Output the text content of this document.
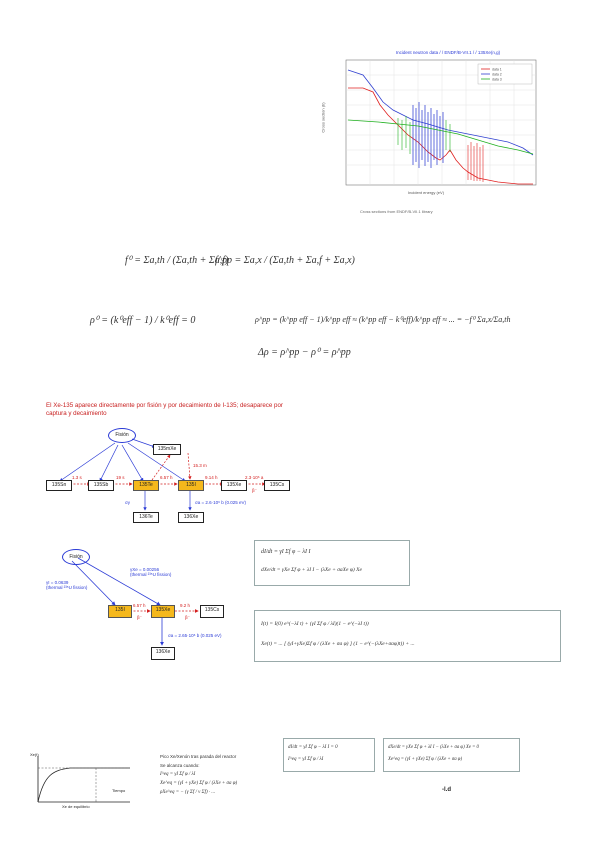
Incident neutron data / / ENDF/B-VII.1 / / 135Xe(n,g)
data 1
data 2
data 3
Cross section (b)
Incident energy (eV)
Cross sections from ENDF/B-VII.1 library
f⁰ = Σa,th / (Σa,th + Σa,f)
f^pp = Σa,x / (Σa,th + Σa,f + Σa,x)
ρ⁰ = (k⁰eff − 1) / k⁰eff = 0	ρ^pp = (k^pp eff − 1)/k^pp eff ≈ (k^pp eff − k⁰eff)/k^pp eff ≈ ... = −f⁰ Σa,x/Σa,th
Δρ = ρ^pp − ρ⁰ = ρ^pp
El Xe-135 aparece directamente por fisión y por decaimiento de I-135; desaparece por
captura y decaimiento
Fisión
135mXe
135Sn	135Sb	135Te	135I	135Xe	135Cs
136Te	136Xe
1.3 s	19 s	6.57 h	9.14 h	2.3·10⁶ a
15.3 m
β⁻
σγ	σa = 2.6·10⁶ b (0.025 eV)
Fisión
γI = 0.0639
(thermal ²³⁵U fission)
γXe = 0.00256
(thermal ²³⁵U fission)
135I	135Xe	135Cs
136Xe
6.57 h
β⁻
9.2 h
β⁻
σa = 2.65·10⁶ b (0.025 eV)
dI/dt = γI Σf φ − λI I
dXe/dt = γXe Σf φ + λI I − (λXe + σaXe φ) Xe
I(t) = I(0) e^(−λI t) + (γI Σf φ / λI)(1 − e^(−λI t))
Xe(t) = ... [ (γI+γXe)Σf φ / (λXe + σa φ) ] (1 − e^(−(λXe+σaφ)t)) + ...
Xe(t)
Tiempo
Xe de equilibrio
Pico Xe/Xenón tras parada del reactor
Se alcanza cuando:
I^eq = γI Σf φ / λI
Xe^eq = (γI + γXe) Σf φ / (λXe + σa φ)
ρXe^eq = − (γ Σf / ν Σf) · ...
dI/dt = γI Σf φ − λI I = 0
I^eq = γI Σf φ / λI
dXe/dt = γXe Σf φ + λI I − (λXe + σa φ) Xe = 0
Xe^eq = (γI + γXe) Σf φ / (λXe + σa φ)
-l.d
